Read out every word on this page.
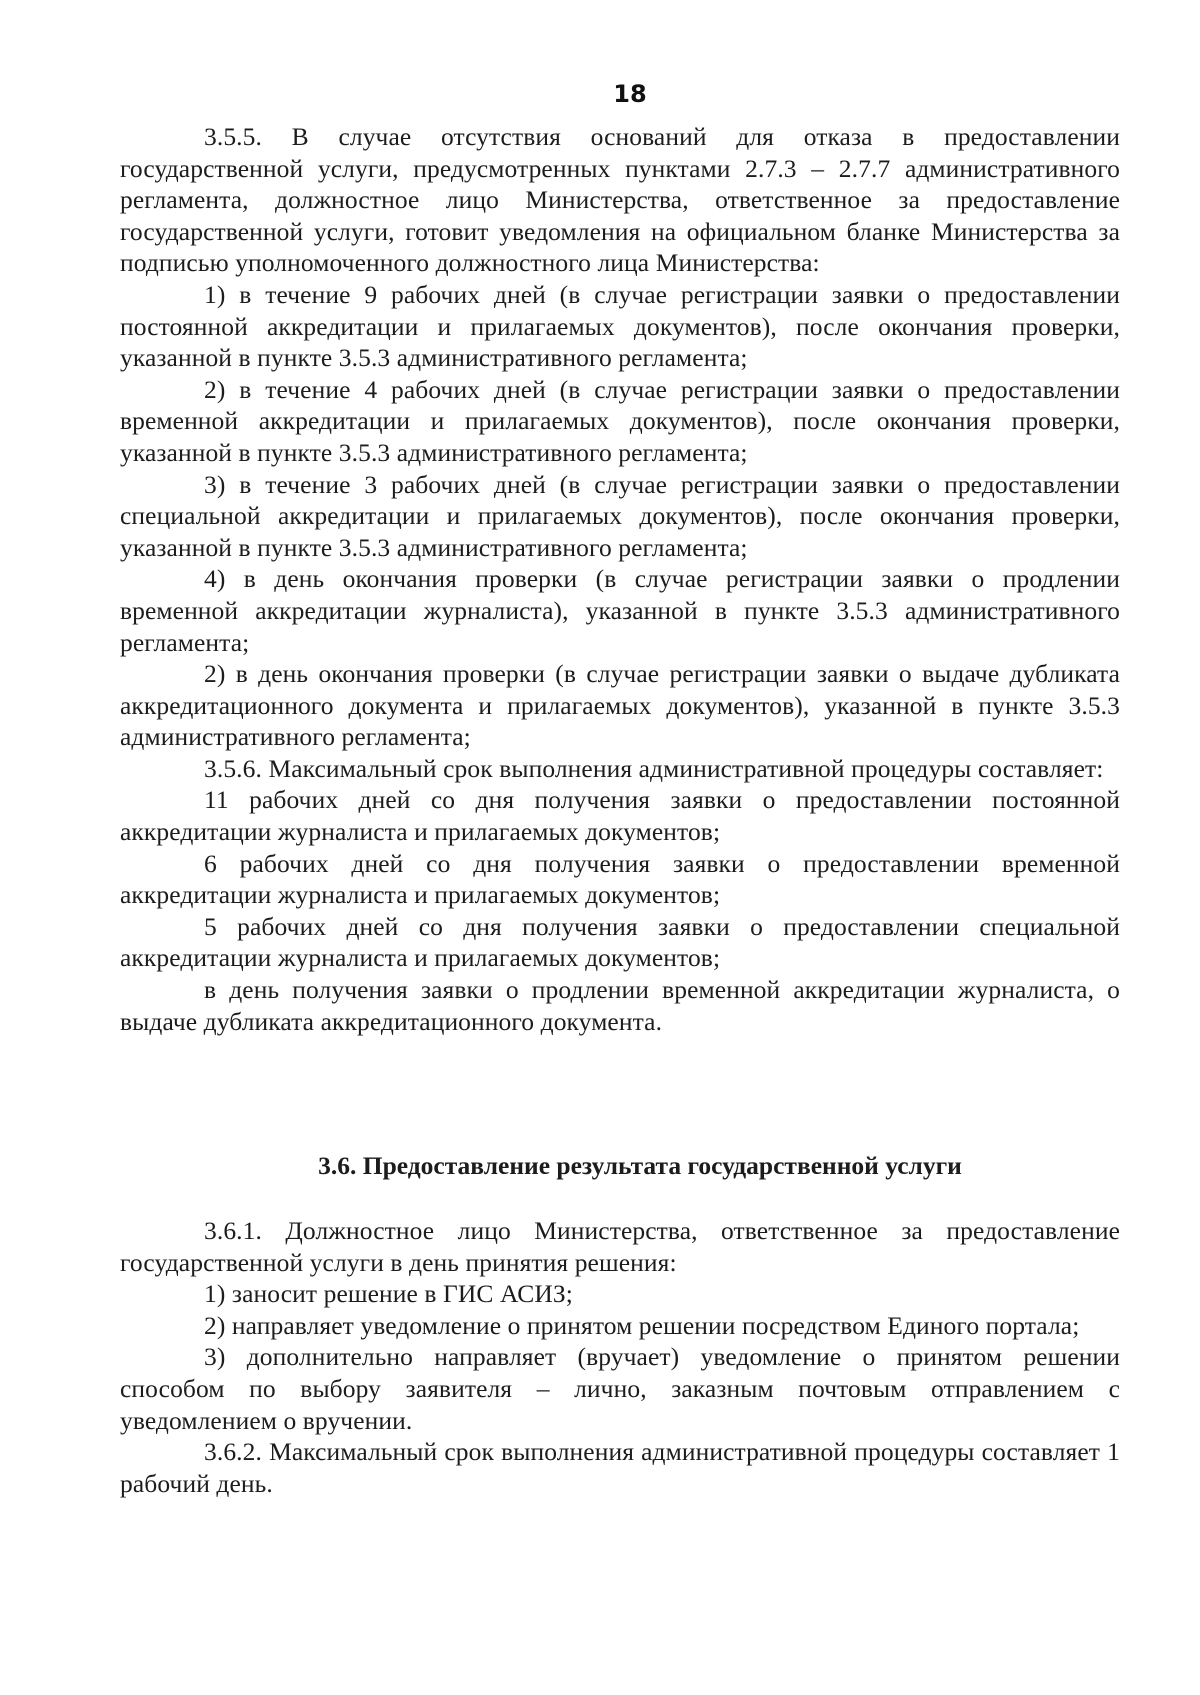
18

3.5.5. В случае отсутствия оснований для отказа в предоставлении государственной услуги, предусмотренных пунктами 2.7.3 – 2.7.7 административного регламента, должностное лицо Министерства, ответственное за предоставление государственной услуги, готовит уведомления на официальном бланке Министерства за подписью уполномоченного должностного лица Министерства:

1) в течение 9 рабочих дней (в случае регистрации заявки о предоставлении постоянной аккредитации и прилагаемых документов), после окончания проверки, указанной в пункте 3.5.3 административного регламента;

2) в течение 4 рабочих дней (в случае регистрации заявки о предоставлении временной аккредитации и прилагаемых документов), после окончания проверки, указанной в пункте 3.5.3 административного регламента;

3) в течение 3 рабочих дней (в случае регистрации заявки о предоставлении специальной аккредитации и прилагаемых документов), после окончания проверки, указанной в пункте 3.5.3 административного регламента;

4) в день окончания проверки (в случае регистрации заявки о продлении временной аккредитации журналиста), указанной в пункте 3.5.3 административного регламента;

2) в день окончания проверки (в случае регистрации заявки о выдаче дубликата аккредитационного документа и прилагаемых документов), указанной в пункте 3.5.3 административного регламента;

3.5.6. Максимальный срок выполнения административной процедуры составляет:

11 рабочих дней со дня получения заявки о предоставлении постоянной аккредитации журналиста и прилагаемых документов;

6 рабочих дней со дня получения заявки о предоставлении временной аккредитации журналиста и прилагаемых документов;

5 рабочих дней со дня получения заявки о предоставлении специальной аккредитации журналиста и прилагаемых документов;

в день получения заявки о продлении временной аккредитации журналиста, о выдаче дубликата аккредитационного документа.

3.6. Предоставление результата государственной услуги

3.6.1. Должностное лицо Министерства, ответственное за предоставление государственной услуги в день принятия решения:

1) заносит решение в ГИС АСИЗ;

2) направляет уведомление о принятом решении посредством Единого портала;

3) дополнительно направляет (вручает) уведомление о принятом решении способом по выбору заявителя – лично, заказным почтовым отправлением с уведомлением о вручении.

3.6.2. Максимальный срок выполнения административной процедуры составляет 1 рабочий день.
